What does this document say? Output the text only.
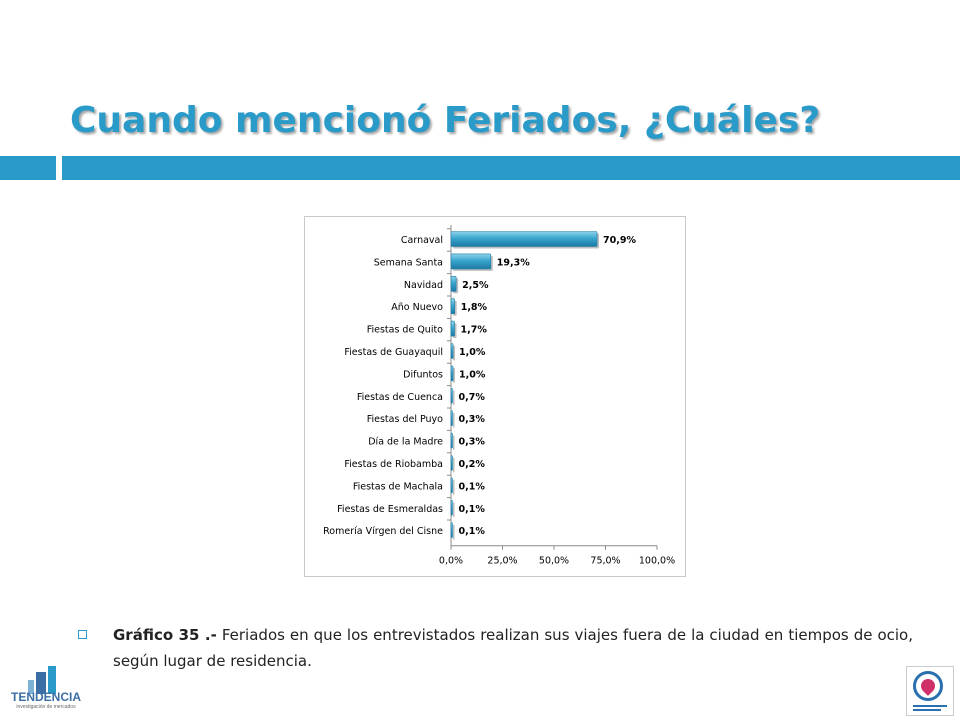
Cuando mencionó Feriados, ¿Cuáles?
Carnaval	70,9%
Semana Santa	19,3%
Navidad 2,5%
Año Nuevo 1,8%
Fiestas de Quito 1,7%
Fiestas de Guayaquil 1,0%
Difuntos 1,0%
Fiestas de Cuenca 0,7%
Fiestas del Puyo 0,3%
Día de la Madre 0,3%
Fiestas de Riobamba 0,2%
Fiestas de Machala 0,1%
Fiestas de Esmeraldas 0,1%
Romería Vírgen del Cisne 0,1%
0,0%	25,0% 50,0% 75,0% 100,0%
Gráfico 35 .- Feriados en que los entrevistados realizan sus viajes fuera de la ciudad en tiempos de ocio, según lugar de residencia.
TENDENCIA
investigación de mercados
